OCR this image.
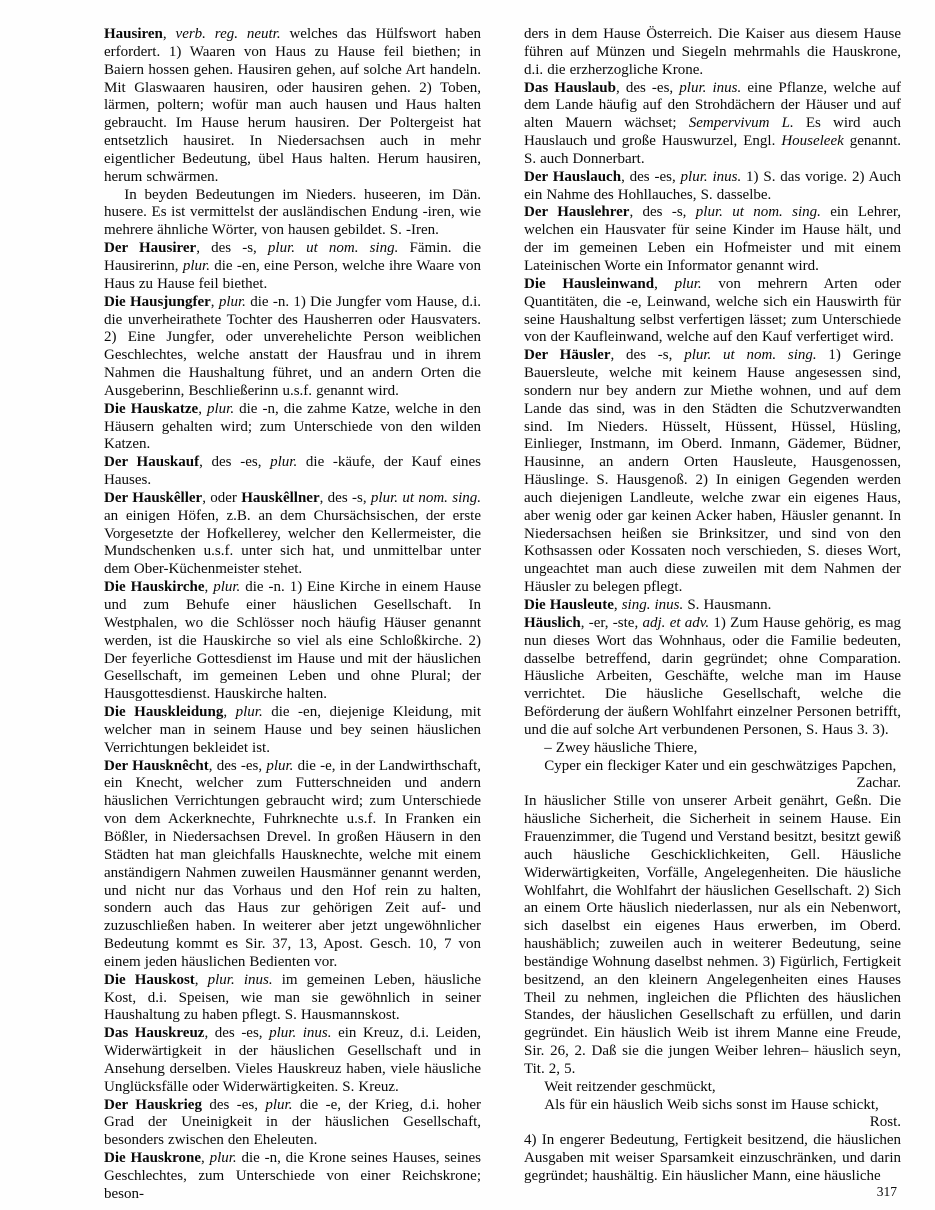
Hausiren, verb. reg. neutr. welches das Hülfswort haben erfordert. 1) Waaren von Haus zu Hause feil biethen; in Baiern hossen gehen. Hausiren gehen, auf solche Art handeln. Mit Glaswaaren hausiren, oder hausiren gehen. 2) Toben, lärmen, poltern; wofür man auch hausen und Haus halten gebraucht. Im Hause herum hausiren. Der Poltergeist hat entsetzlich hausiret. In Niedersachsen auch in mehr eigentlicher Bedeutung, übel Haus halten. Herum hausiren, herum schwärmen.

In beyden Bedeutungen im Nieders. huseeren, im Dän. husere. Es ist vermittelst der ausländischen Endung -iren, wie mehrere ähnliche Wörter, von hausen gebildet. S. -Iren.

Der Hausirer, des -s, plur. ut nom. sing. Fämin. die Hausirerinn, plur. die -en, eine Person, welche ihre Waare von Haus zu Hause feil biethet.

Die Hausjungfer, plur. die -n. 1) Die Jungfer vom Hause, d.i. die unverheirathete Tochter des Hausherren oder Hausvaters. 2) Eine Jungfer, oder unverehelichte Person weiblichen Geschlechtes, welche anstatt der Hausfrau und in ihrem Nahmen die Haushaltung führet, und an andern Orten die Ausgeberinn, Beschließerinn u.s.f. genannt wird.

Die Hauskatze, plur. die -n, die zahme Katze, welche in den Häusern gehalten wird; zum Unterschiede von den wilden Katzen.

Der Hauskauf, des -es, plur. die -käufe, der Kauf eines Hauses.

Der Hauskêller, oder Hauskêllner, des -s, plur. ut nom. sing. an einigen Höfen, z.B. an dem Chursächsischen, der erste Vorgesetzte der Hofkellerey, welcher den Kellermeister, die Mundschenken u.s.f. unter sich hat, und unmittelbar unter dem Ober-Küchenmeister stehet.

Die Hauskirche, plur. die -n. 1) Eine Kirche in einem Hause und zum Behufe einer häuslichen Gesellschaft. In Westphalen, wo die Schlösser noch häufig Häuser genannt werden, ist die Hauskirche so viel als eine Schloßkirche. 2) Der feyerliche Gottesdienst im Hause und mit der häuslichen Gesellschaft, im gemeinen Leben und ohne Plural; der Hausgottesdienst. Hauskirche halten.

Die Hauskleidung, plur. die -en, diejenige Kleidung, mit welcher man in seinem Hause und bey seinen häuslichen Verrichtungen bekleidet ist.

Der Hausknêcht, des -es, plur. die -e, in der Landwirthschaft, ein Knecht, welcher zum Futterschneiden und andern häuslichen Verrichtungen gebraucht wird; zum Unterschiede von dem Ackerknechte, Fuhrknechte u.s.f. In Franken ein Bößler, in Niedersachsen Drevel. In großen Häusern in den Städten hat man gleichfalls Hausknechte, welche mit einem anständigern Nahmen zuweilen Hausmänner genannt werden, und nicht nur das Vorhaus und den Hof rein zu halten, sondern auch das Haus zur gehörigen Zeit auf- und zuzuschließen haben. In weiterer aber jetzt ungewöhnlicher Bedeutung kommt es Sir. 37, 13, Apost. Gesch. 10, 7 von einem jeden häuslichen Bedienten vor.

Die Hauskost, plur. inus. im gemeinen Leben, häusliche Kost, d.i. Speisen, wie man sie gewöhnlich in seiner Haushaltung zu haben pflegt. S. Hausmannskost.

Das Hauskreuz, des -es, plur. inus. ein Kreuz, d.i. Leiden, Widerwärtigkeit in der häuslichen Gesellschaft und in Ansehung derselben. Vieles Hauskreuz haben, viele häusliche Unglücksfälle oder Widerwärtigkeiten. S. Kreuz.

Der Hauskrieg des -es, plur. die -e, der Krieg, d.i. hoher Grad der Uneinigkeit in der häuslichen Gesellschaft, besonders zwischen den Eheleuten.

Die Hauskrone, plur. die -n, die Krone seines Hauses, seines Geschlechtes, zum Unterschiede von einer Reichskrone; beson-

ders in dem Hause Österreich. Die Kaiser aus diesem Hause führen auf Münzen und Siegeln mehrmahls die Hauskrone, d.i. die erzherzogliche Krone.

Das Hauslaub, des -es, plur. inus. eine Pflanze, welche auf dem Lande häufig auf den Strohdächern der Häuser und auf alten Mauern wächset; Sempervivum L. Es wird auch Hauslauch und große Hauswurzel, Engl. Houseleek genannt. S. auch Donnerbart.

Der Hauslauch, des -es, plur. inus. 1) S. das vorige. 2) Auch ein Nahme des Hohllauches, S. dasselbe.

Der Hauslehrer, des -s, plur. ut nom. sing. ein Lehrer, welchen ein Hausvater für seine Kinder im Hause hält, und der im gemeinen Leben ein Hofmeister und mit einem Lateinischen Worte ein Informator genannt wird.

Die Hausleinwand, plur. von mehrern Arten oder Quantitäten, die -e, Leinwand, welche sich ein Hauswirth für seine Haushaltung selbst verfertigen lässet; zum Unterschiede von der Kaufleinwand, welche auf den Kauf verfertiget wird.

Der Häusler, des -s, plur. ut nom. sing. 1) Geringe Bauersleute, welche mit keinem Hause angesessen sind, sondern nur bey andern zur Miethe wohnen, und auf dem Lande das sind, was in den Städten die Schutzverwandten sind. Im Nieders. Hüsselt, Hüssent, Hüssel, Hüsling, Einlieger, Instmann, im Oberd. Inmann, Gädemer, Büdner, Hausinne, an andern Orten Hausleute, Hausgenossen, Häuslinge. S. Hausgenoß. 2) In einigen Gegenden werden auch diejenigen Landleute, welche zwar ein eigenes Haus, aber wenig oder gar keinen Acker haben, Häusler genannt. In Niedersachsen heißen sie Brinksitzer, und sind von den Kothsassen oder Kossaten noch verschieden, S. dieses Wort, ungeachtet man auch diese zuweilen mit dem Nahmen der Häusler zu belegen pflegt.

Die Hausleute, sing. inus. S. Hausmann.

Häuslich, -er, -ste, adj. et adv. 1) Zum Hause gehörig, es mag nun dieses Wort das Wohnhaus, oder die Familie bedeuten, dasselbe betreffend, darin gegründet; ohne Comparation. Häusliche Arbeiten, Geschäfte, welche man im Hause verrichtet. Die häusliche Gesellschaft, welche die Beförderung der äußern Wohlfahrt einzelner Personen betrifft, und die auf solche Art verbundenen Personen, S. Haus 3. 3).

– Zwey häusliche Thiere,

Cyper ein fleckiger Kater und ein geschwätziges Papchen,

Zachar.

In häuslicher Stille von unserer Arbeit genährt, Geßn. Die häusliche Sicherheit, die Sicherheit in seinem Hause. Ein Frauenzimmer, die Tugend und Verstand besitzt, besitzt gewiß auch häusliche Geschicklichkeiten, Gell. Häusliche Widerwärtigkeiten, Vorfälle, Angelegenheiten. Die häusliche Wohlfahrt, die Wohlfahrt der häuslichen Gesellschaft. 2) Sich an einem Orte häuslich niederlassen, nur als ein Nebenwort, sich daselbst ein eigenes Haus erwerben, im Oberd. haushäblich; zuweilen auch in weiterer Bedeutung, seine beständige Wohnung daselbst nehmen. 3) Figürlich, Fertigkeit besitzend, an den kleinern Angelegenheiten eines Hauses Theil zu nehmen, ingleichen die Pflichten des häuslichen Standes, der häuslichen Gesellschaft zu erfüllen, und darin gegründet. Ein häuslich Weib ist ihrem Manne eine Freude, Sir. 26, 2. Daß sie die jungen Weiber lehren– häuslich seyn, Tit. 2, 5.

Weit reitzender geschmückt,

Als für ein häuslich Weib sichs sonst im Hause schickt,

Rost.

4) In engerer Bedeutung, Fertigkeit besitzend, die häuslichen Ausgaben mit weiser Sparsamkeit einzuschränken, und darin gegründet; haushältig. Ein häuslicher Mann, eine häusliche

317
